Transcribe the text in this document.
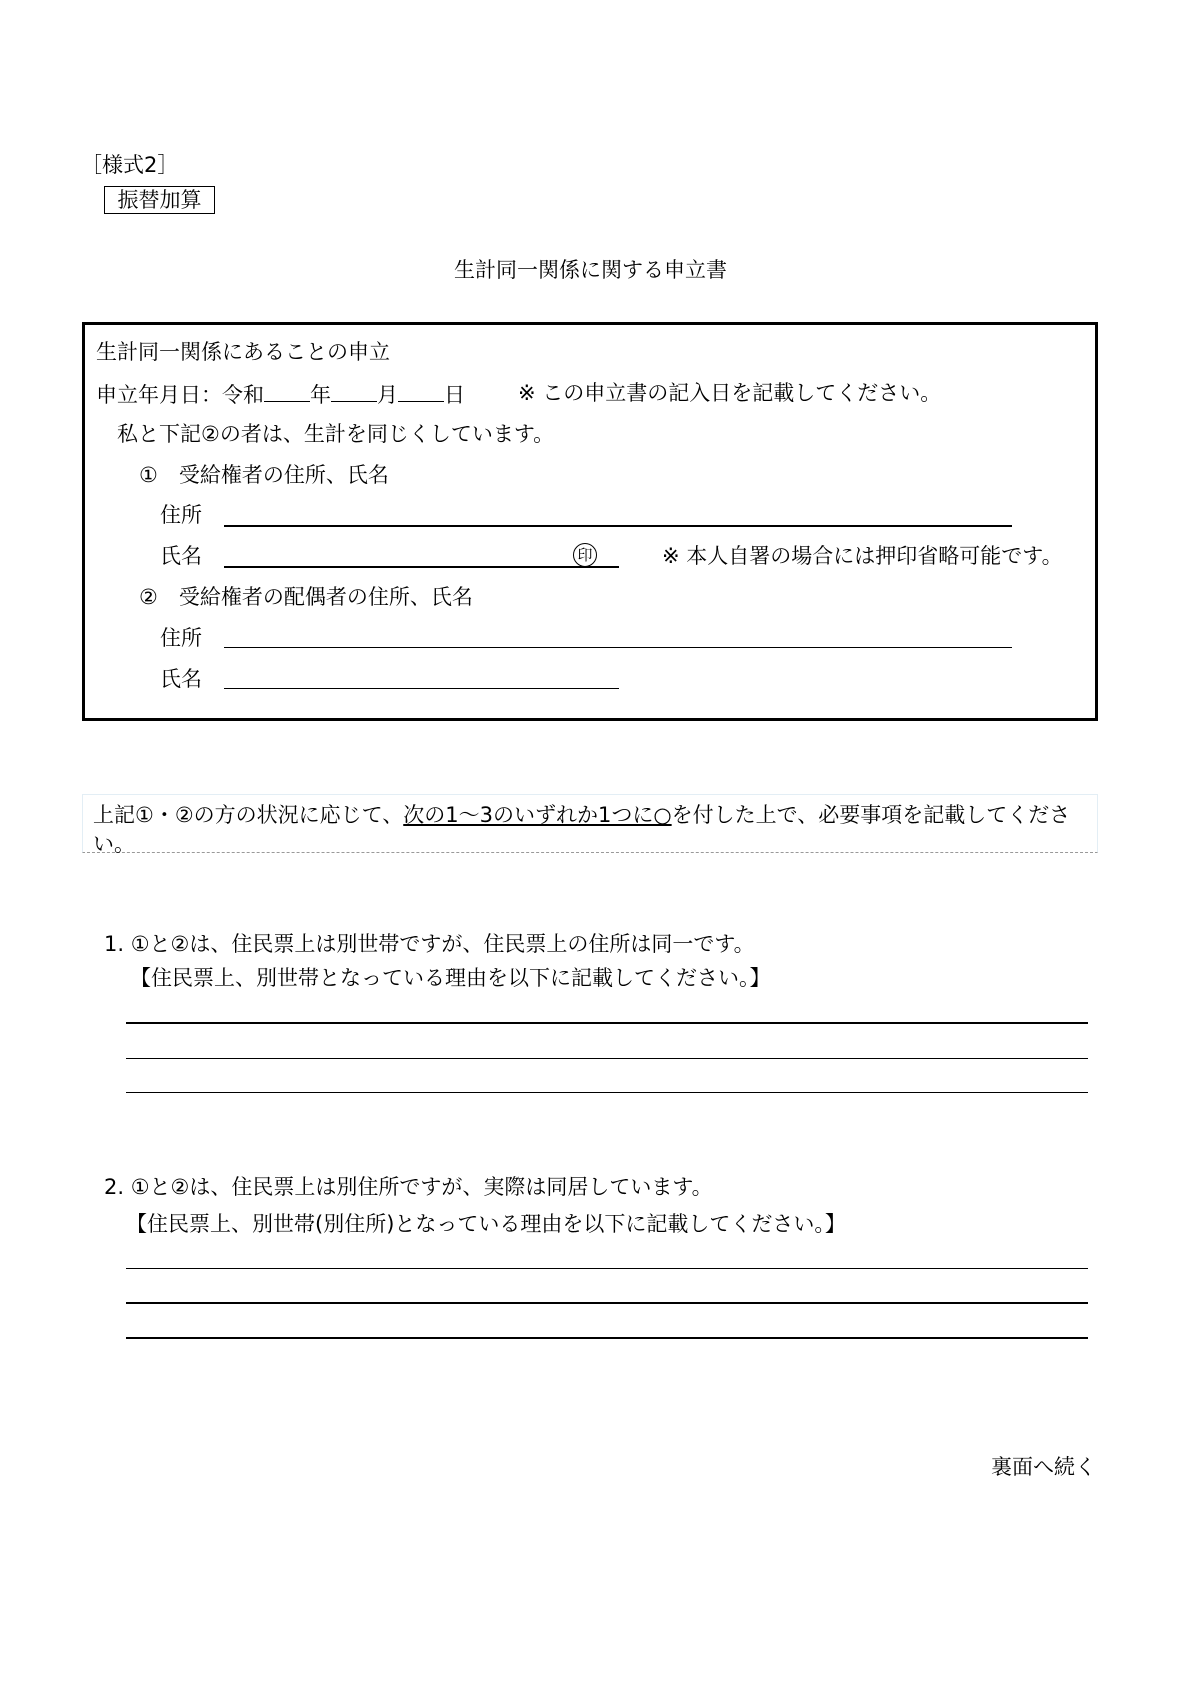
［様式2］
振替加算
生計同一関係に関する申立書
生計同一関係にあることの申立
申立年月日：令和 年 月 日	※ この申立書の記入日を記載してください。
私と下記②の者は、生計を同じくしています。
①　受給権者の住所、氏名
住所
氏名	印	※ 本人自署の場合には押印省略可能です。
②　受給権者の配偶者の住所、氏名
住所
氏名
上記①・②の方の状況に応じて、次の1～3のいずれか1つに○を付した上で、必要事項を記載してください。
1. ①と②は、住民票上は別世帯ですが、住民票上の住所は同一です。
【住民票上、別世帯となっている理由を以下に記載してください。】
2. ①と②は、住民票上は別住所ですが、実際は同居しています。
【住民票上、別世帯(別住所)となっている理由を以下に記載してください。】
裏面へ続く
